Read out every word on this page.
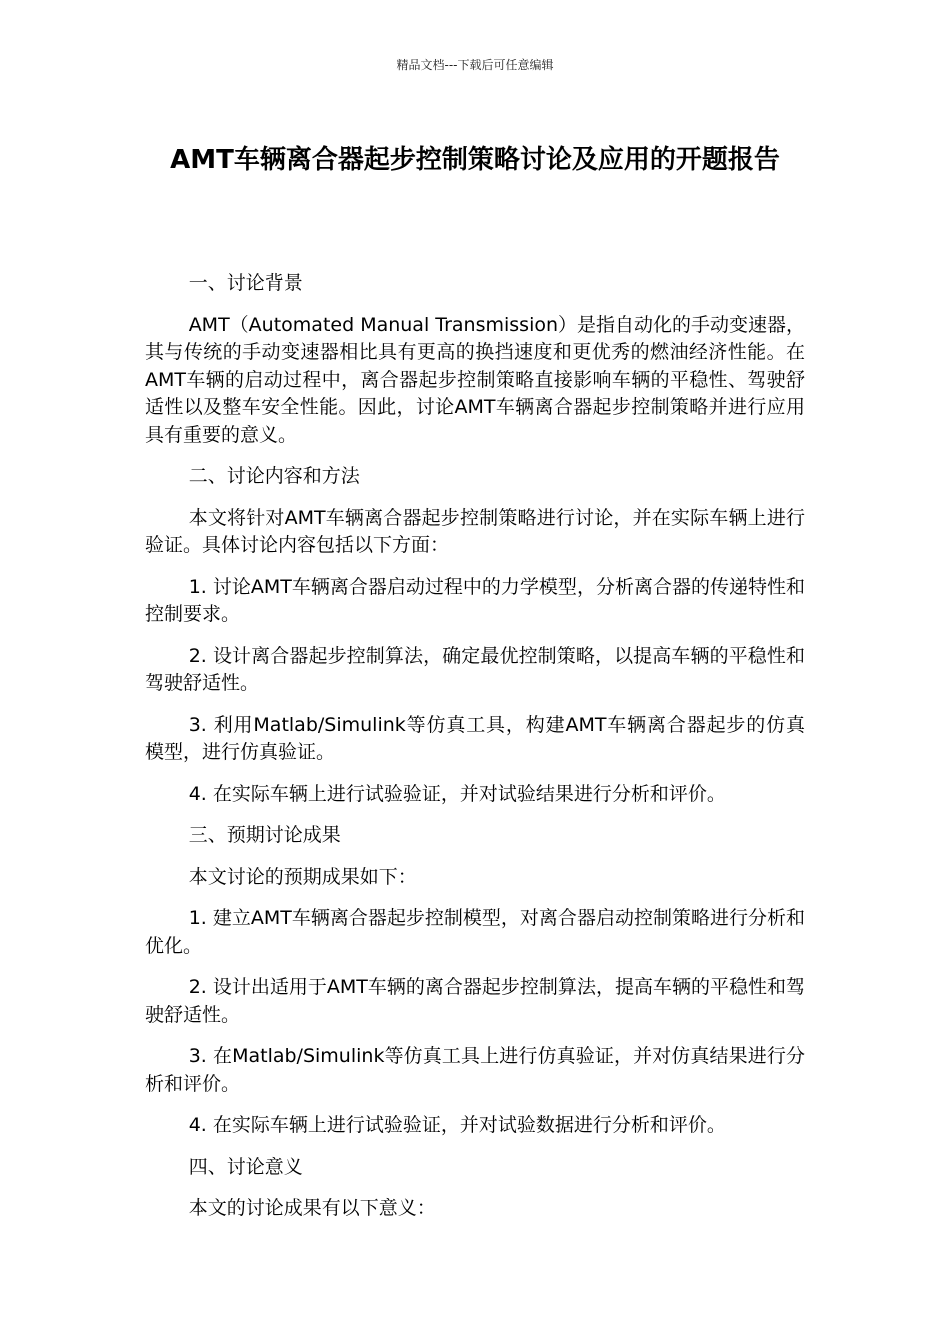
精品文档---下载后可任意编辑
AMT车辆离合器起步控制策略讨论及应用的开题报告

一、讨论背景

AMT（Automated Manual Transmission）是指自动化的手动变速器，其与传统的手动变速器相比具有更高的换挡速度和更优秀的燃油经济性能。在AMT车辆的启动过程中，离合器起步控制策略直接影响车辆的平稳性、驾驶舒适性以及整车安全性能。因此，讨论AMT车辆离合器起步控制策略并进行应用具有重要的意义。

二、讨论内容和方法

本文将针对AMT车辆离合器起步控制策略进行讨论，并在实际车辆上进行验证。具体讨论内容包括以下方面：

1. 讨论AMT车辆离合器启动过程中的力学模型，分析离合器的传递特性和控制要求。

2. 设计离合器起步控制算法，确定最优控制策略，以提高车辆的平稳性和驾驶舒适性。

3. 利用Matlab/Simulink等仿真工具，构建AMT车辆离合器起步的仿真模型，进行仿真验证。

4. 在实际车辆上进行试验验证，并对试验结果进行分析和评价。

三、预期讨论成果

本文讨论的预期成果如下：

1. 建立AMT车辆离合器起步控制模型，对离合器启动控制策略进行分析和优化。

2. 设计出适用于AMT车辆的离合器起步控制算法，提高车辆的平稳性和驾驶舒适性。

3. 在Matlab/Simulink等仿真工具上进行仿真验证，并对仿真结果进行分析和评价。

4. 在实际车辆上进行试验验证，并对试验数据进行分析和评价。

四、讨论意义

本文的讨论成果有以下意义：
